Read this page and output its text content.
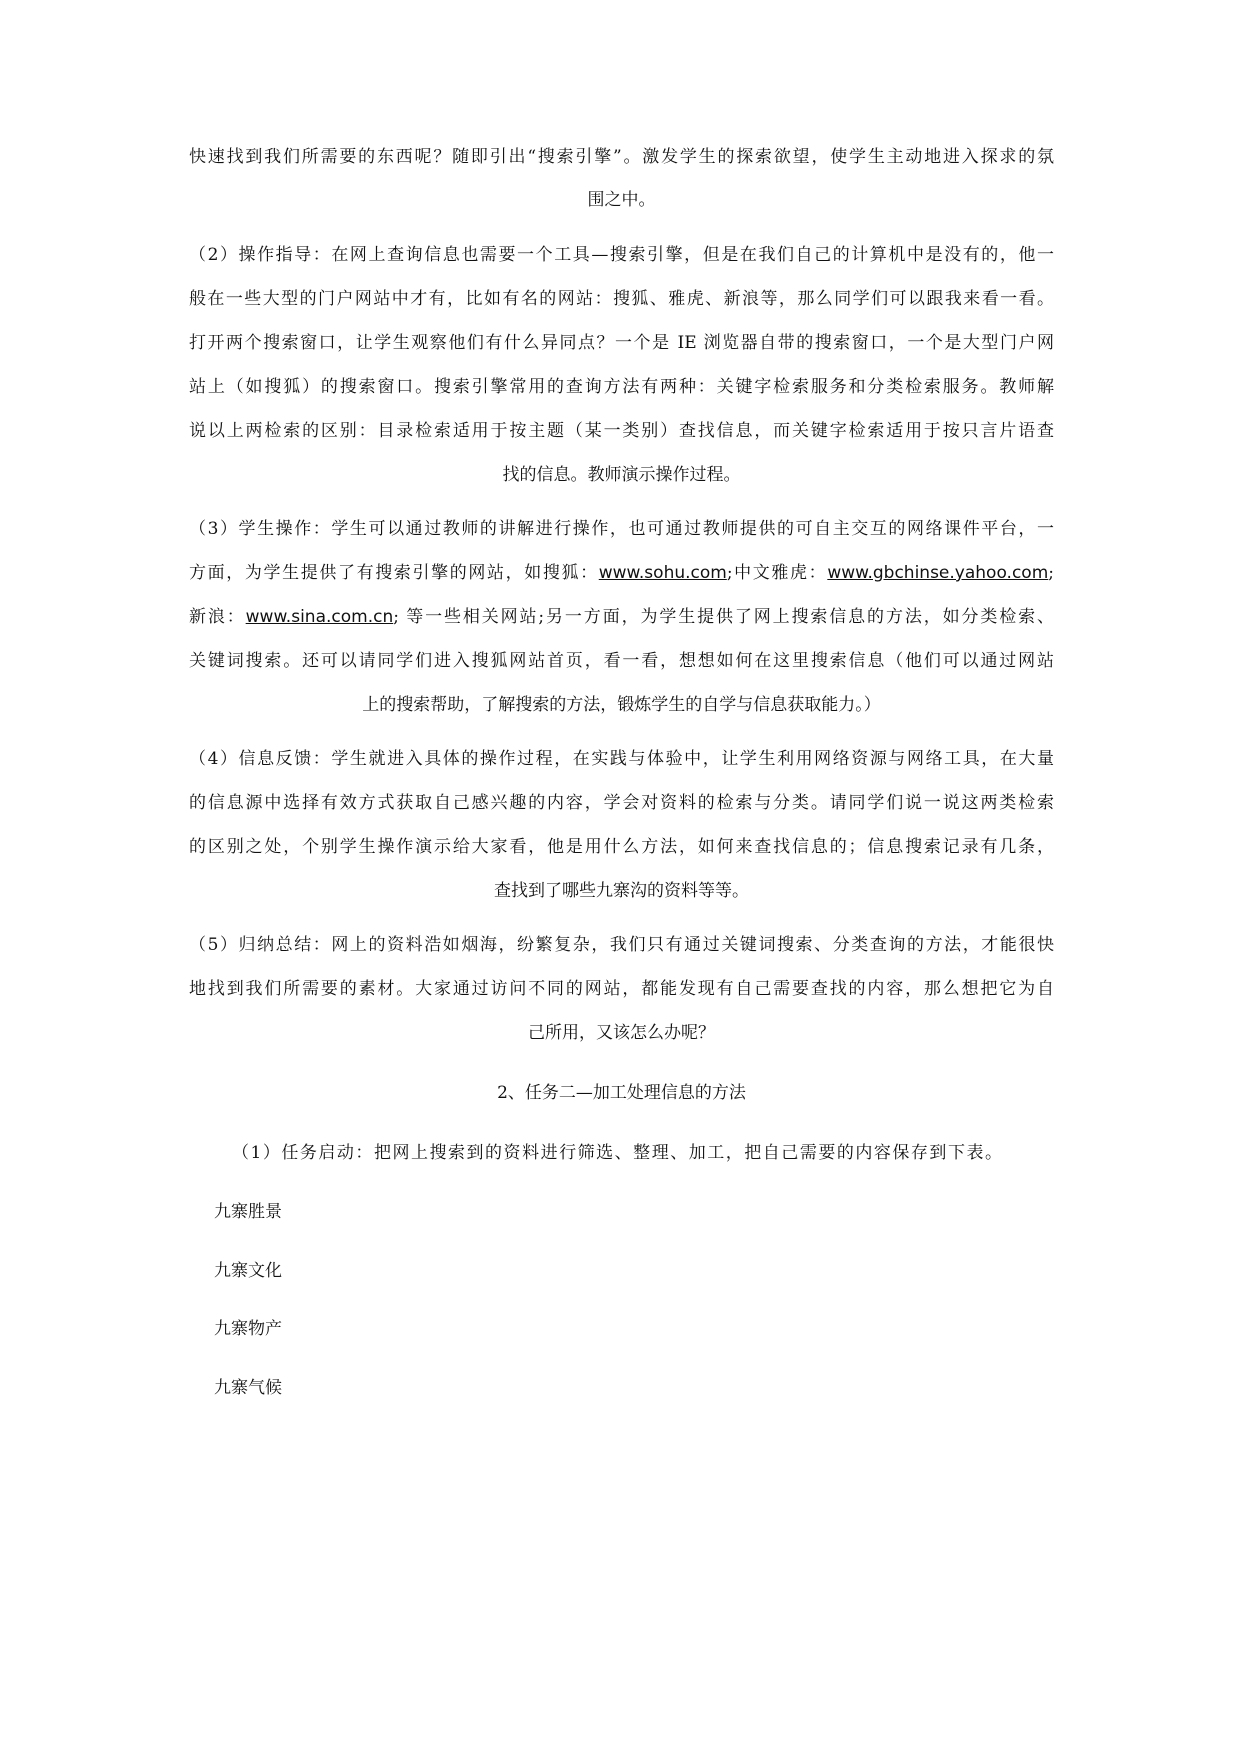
快速找到我们所需要的东西呢？随即引出“搜索引擎”。激发学生的探索欲望，使学生主动地进入探求的氛
围之中。
（2）操作指导：在网上查询信息也需要一个工具—搜索引擎，但是在我们自己的计算机中是没有的，他一
般在一些大型的门户网站中才有，比如有名的网站：搜狐、雅虎、新浪等，那么同学们可以跟我来看一看。
打开两个搜索窗口，让学生观察他们有什么异同点？一个是 IE 浏览器自带的搜索窗口，一个是大型门户网
站上（如搜狐）的搜索窗口。搜索引擎常用的查询方法有两种：关键字检索服务和分类检索服务。教师解
说以上两检索的区别：目录检索适用于按主题（某一类别）查找信息，而关键字检索适用于按只言片语查
找的信息。教师演示操作过程。
（3）学生操作：学生可以通过教师的讲解进行操作，也可通过教师提供的可自主交互的网络课件平台，一
方面，为学生提供了有搜索引擎的网站，如搜狐：www.sohu.com;中文雅虎：www.gbchinse.yahoo.com;
新浪：www.sina.com.cn; 等一些相关网站;另一方面，为学生提供了网上搜索信息的方法，如分类检索、
关键词搜索。还可以请同学们进入搜狐网站首页，看一看，想想如何在这里搜索信息（他们可以通过网站
上的搜索帮助，了解搜索的方法，锻炼学生的自学与信息获取能力。）
（4）信息反馈：学生就进入具体的操作过程，在实践与体验中，让学生利用网络资源与网络工具，在大量
的信息源中选择有效方式获取自己感兴趣的内容，学会对资料的检索与分类。请同学们说一说这两类检索
的区别之处，个别学生操作演示给大家看，他是用什么方法，如何来查找信息的；信息搜索记录有几条，
查找到了哪些九寨沟的资料等等。
（5）归纳总结：网上的资料浩如烟海，纷繁复杂，我们只有通过关键词搜索、分类查询的方法，才能很快
地找到我们所需要的素材。大家通过访问不同的网站，都能发现有自己需要查找的内容，那么想把它为自
己所用，又该怎么办呢？
2、任务二—加工处理信息的方法
（1）任务启动：把网上搜索到的资料进行筛选、整理、加工，把自己需要的内容保存到下表。
九寨胜景
九寨文化
九寨物产
九寨气候
